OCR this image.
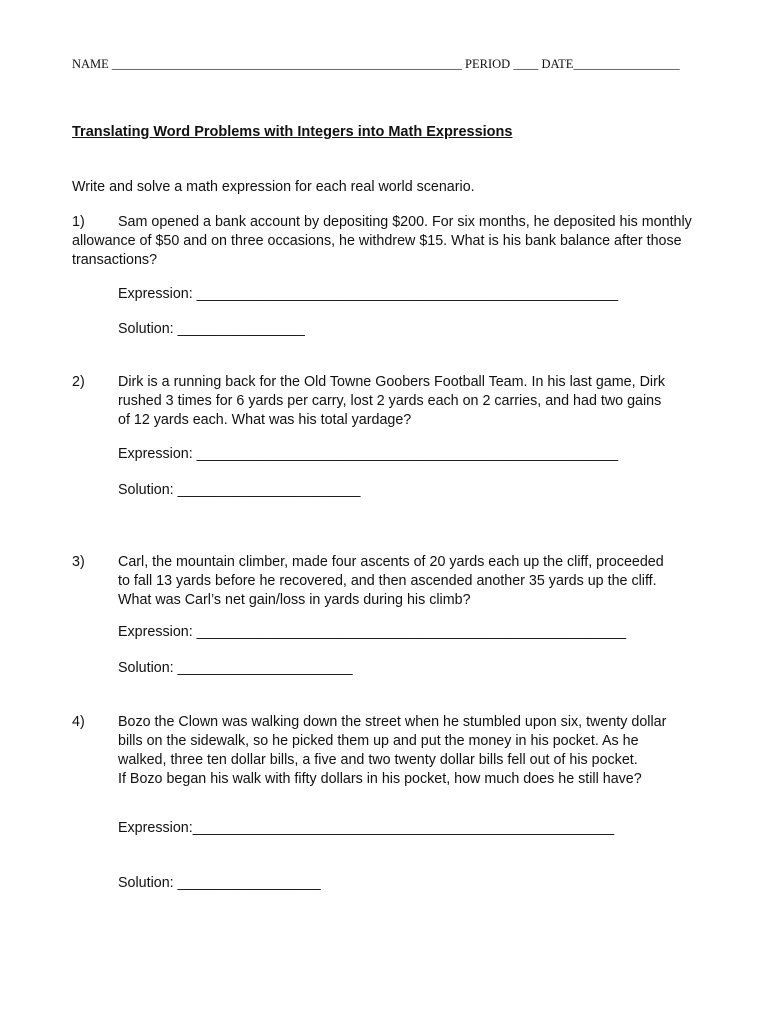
NAME ________________________________________________________ PERIOD ____ DATE_________________
Translating Word Problems with Integers into Math Expressions
Write and solve a math expression for each real world scenario.
1) Sam opened a bank account by depositing $200. For six months, he deposited his monthly allowance of $50 and on three occasions, he withdrew $15. What is his bank balance after those transactions?
Expression: _____________________________________________________
Solution: ________________
2) Dirk is a running back for the Old Towne Goobers Football Team. In his last game, Dirk
rushed 3 times for 6 yards per carry, lost 2 yards each on 2 carries, and had two gains
of 12 yards each. What was his total yardage?
Expression: _____________________________________________________
Solution: _______________________
3) Carl, the mountain climber, made four ascents of 20 yards each up the cliff, proceeded
to fall 13 yards before he recovered, and then ascended another 35 yards up the cliff.
What was Carl’s net gain/loss in yards during his climb?
Expression: ______________________________________________________
Solution: ______________________
4) Bozo the Clown was walking down the street when he stumbled upon six, twenty dollar
bills on the sidewalk, so he picked them up and put the money in his pocket. As he
walked, three ten dollar bills, a five and two twenty dollar bills fell out of his pocket.
If Bozo began his walk with fifty dollars in his pocket, how much does he still have?
Expression:_____________________________________________________
Solution: __________________
